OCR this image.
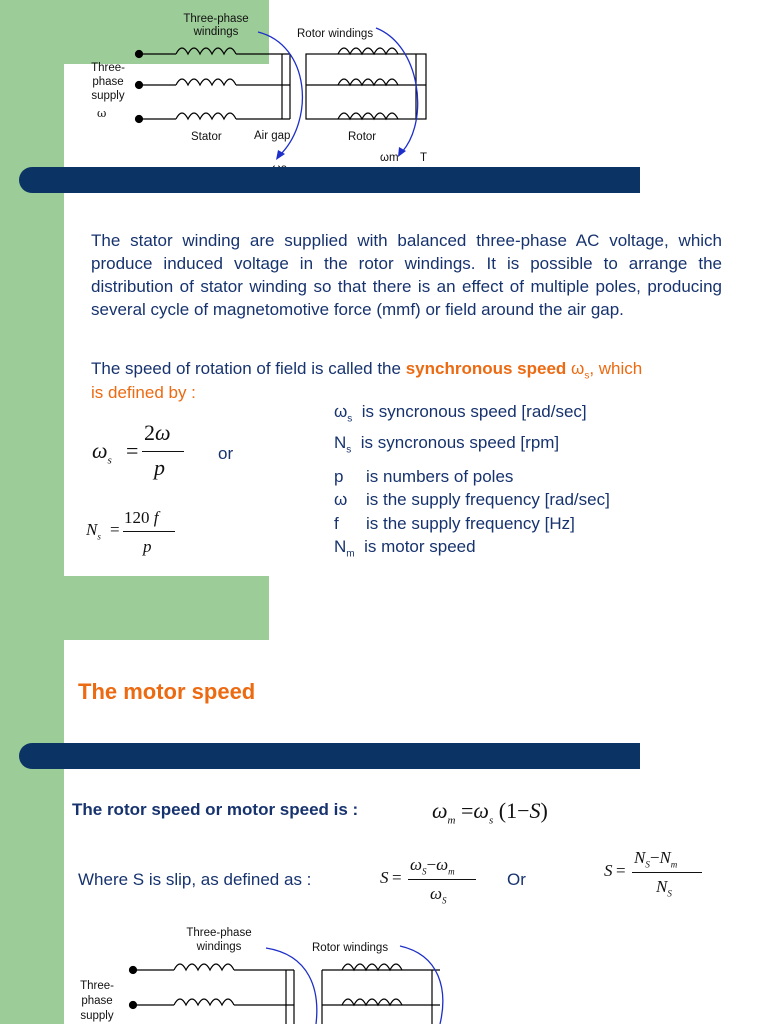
Three-phase
windings	Rotor windings
Three-
phase
supply
ω
Stator	Air gap	Rotor
ωm T
The stator winding are supplied with balanced three-phase AC voltage, which produce induced voltage in the rotor windings. It is possible to arrange the distribution of stator winding so that there is an effect of multiple poles, producing several cycle of magnetomotive force (mmf) or field around the air gap.
The speed of rotation of field is called the synchronous speed $\omega_s$, which
is defined by :
$\omega_s$ =
2ω
p
or
$N_s$ =
120 f
p
$\omega_s$ is syncronous speed [rad/sec]
$N_s$ is syncronous speed [rpm]
p is numbers of poles
ω is the supply frequency [rad/sec]
f is the supply frequency [Hz]
$N_m$ is motor speed
The motor speed
The rotor speed or motor speed is :	$\omega_m =\omega_s$ (1−S)
Where S is slip, as defined as :	S =
$\omega_S-\omega_m$
$\omega_S$
Or	S =
$N_S-N_m$
$N_S$
Three-phase
windings	Rotor windings
Three-
phase
supply
